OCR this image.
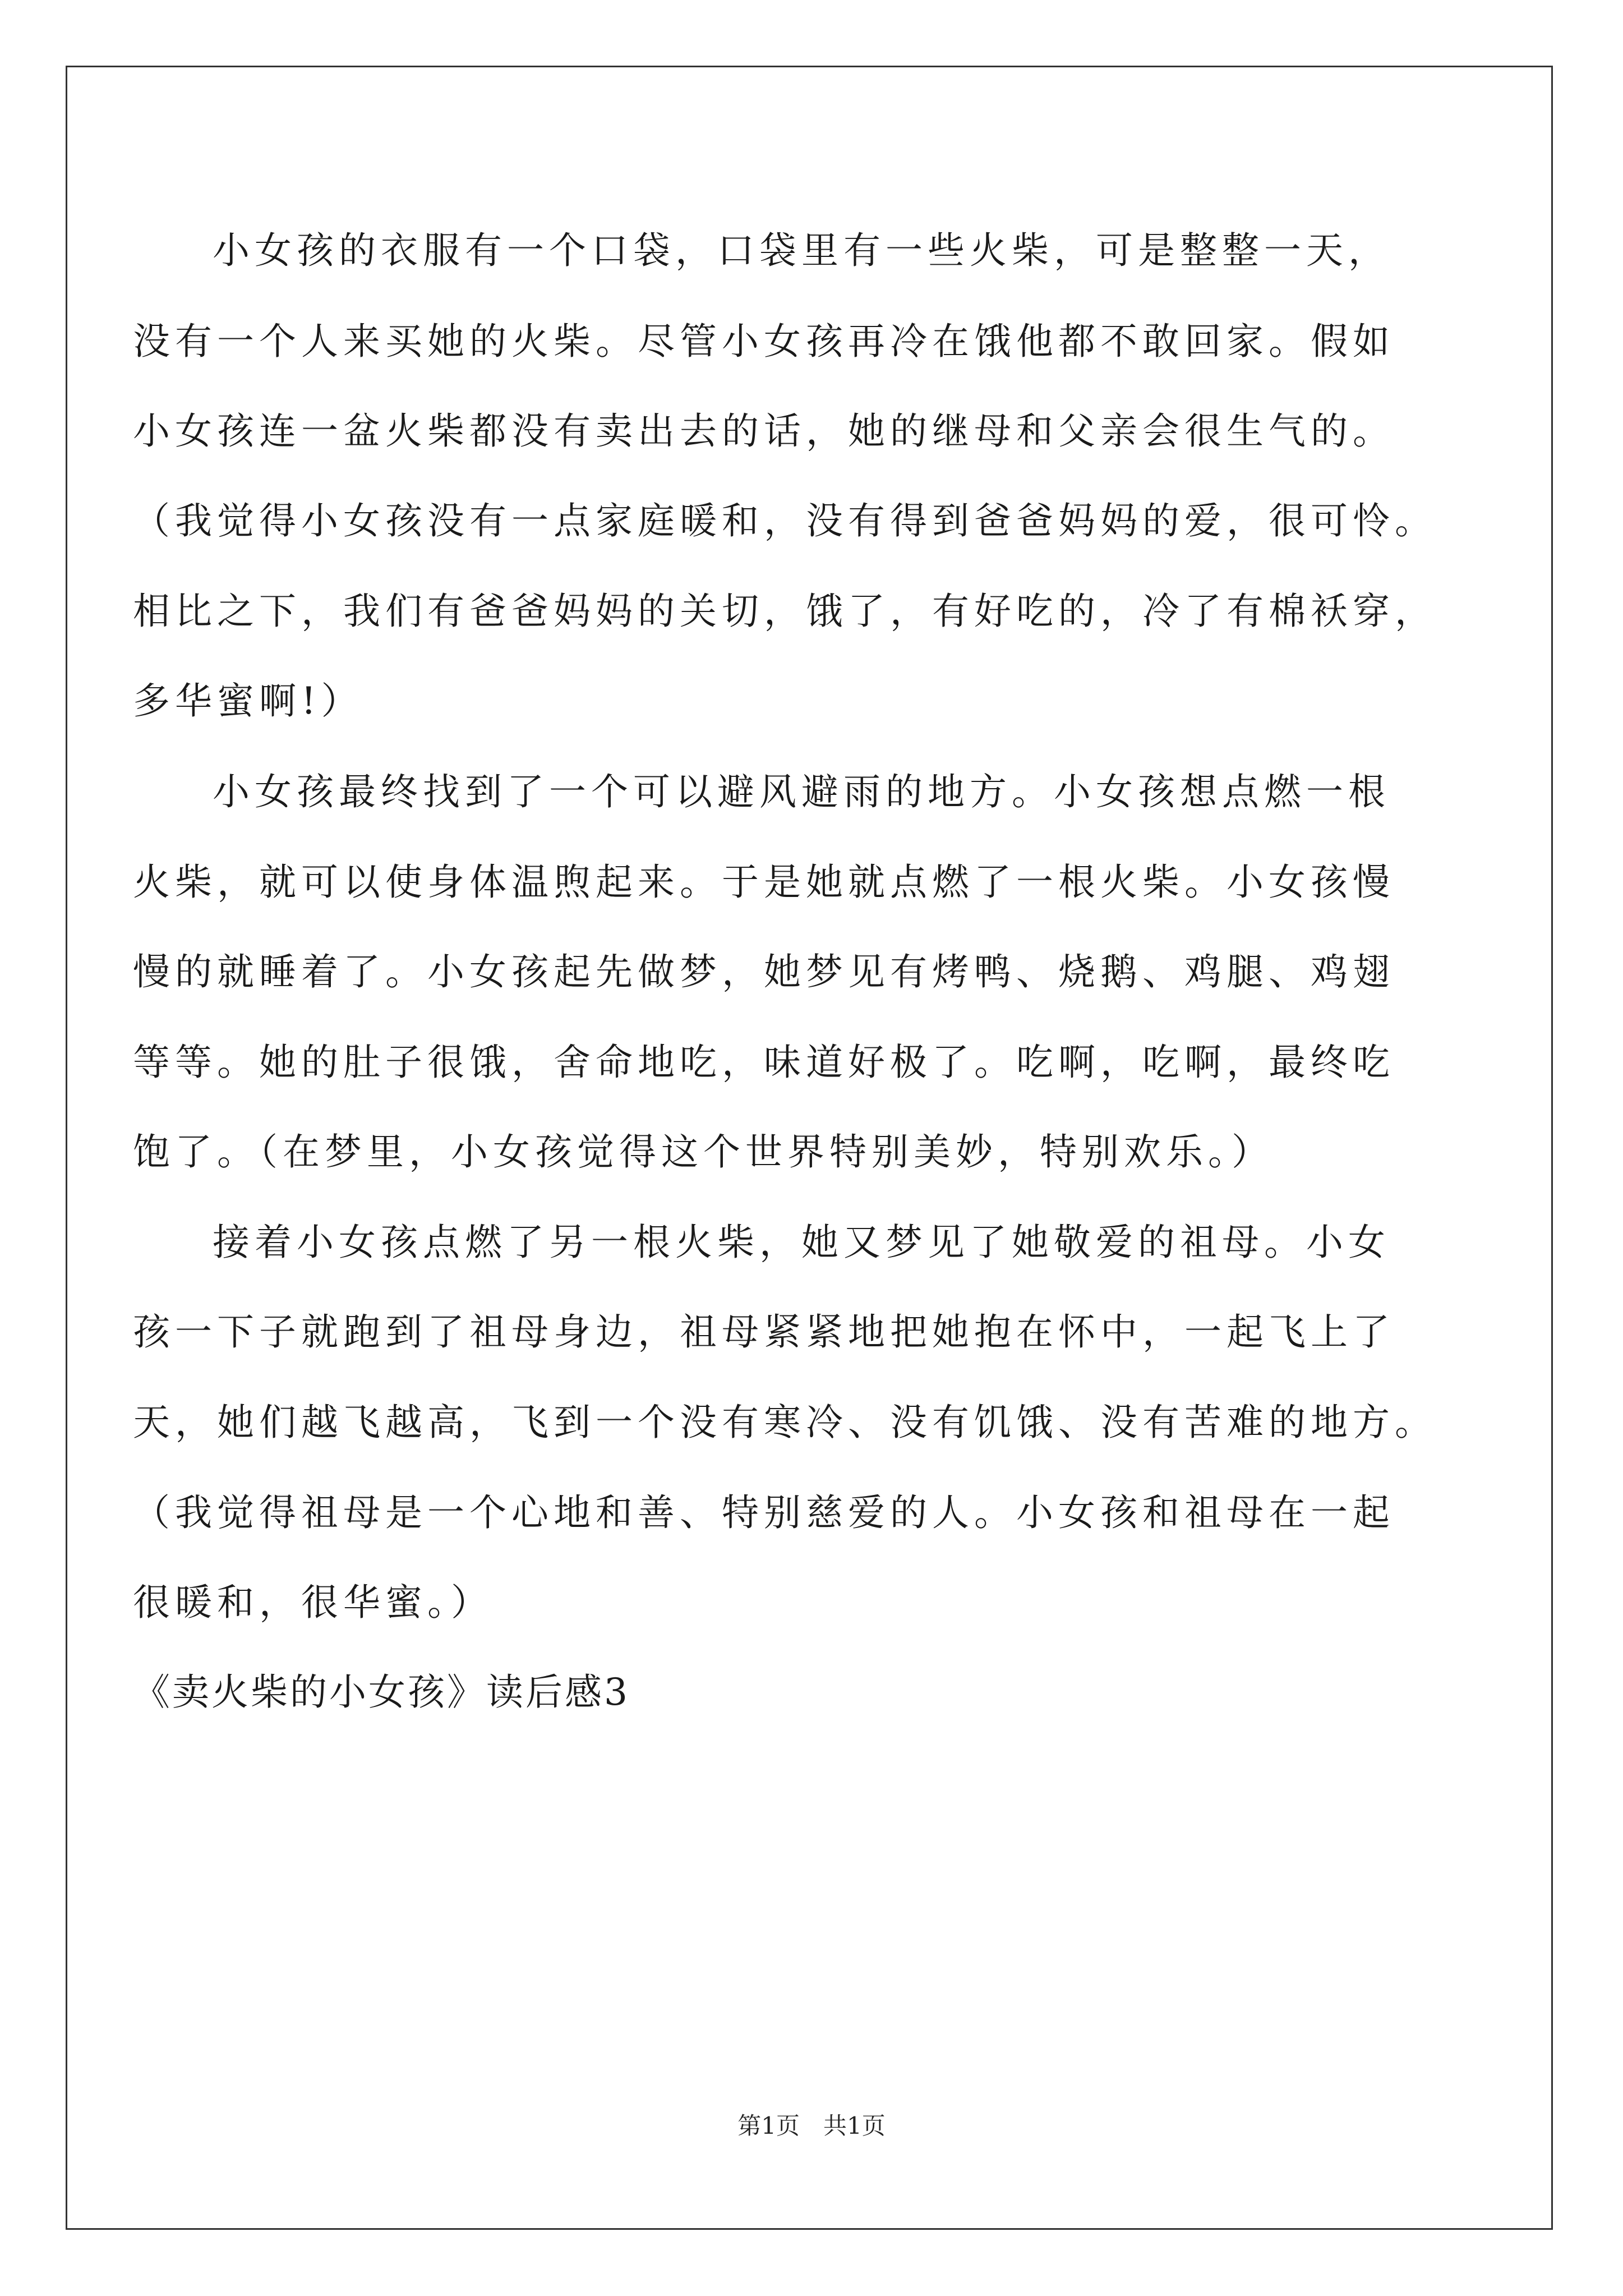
小女孩的衣服有一个口袋，口袋里有一些火柴，可是整整一天，
没有一个人来买她的火柴。尽管小女孩再冷在饿他都不敢回家。假如
小女孩连一盆火柴都没有卖出去的话，她的继母和父亲会很生气的。
（我觉得小女孩没有一点家庭暖和，没有得到爸爸妈妈的爱，很可怜。
相比之下，我们有爸爸妈妈的关切，饿了，有好吃的，冷了有棉袄穿，
多华蜜啊!）
小女孩最终找到了一个可以避风避雨的地方。小女孩想点燃一根
火柴，就可以使身体温煦起来。于是她就点燃了一根火柴。小女孩慢
慢的就睡着了。小女孩起先做梦，她梦见有烤鸭、烧鹅、鸡腿、鸡翅
等等。她的肚子很饿，舍命地吃，味道好极了。吃啊，吃啊，最终吃
饱了。（在梦里，小女孩觉得这个世界特别美妙，特别欢乐。）
接着小女孩点燃了另一根火柴，她又梦见了她敬爱的祖母。小女
孩一下子就跑到了祖母身边，祖母紧紧地把她抱在怀中，一起飞上了
天，她们越飞越高，飞到一个没有寒冷、没有饥饿、没有苦难的地方。
（我觉得祖母是一个心地和善、特别慈爱的人。小女孩和祖母在一起
很暖和，很华蜜。）
《卖火柴的小女孩》读后感3
第1页　共1页
